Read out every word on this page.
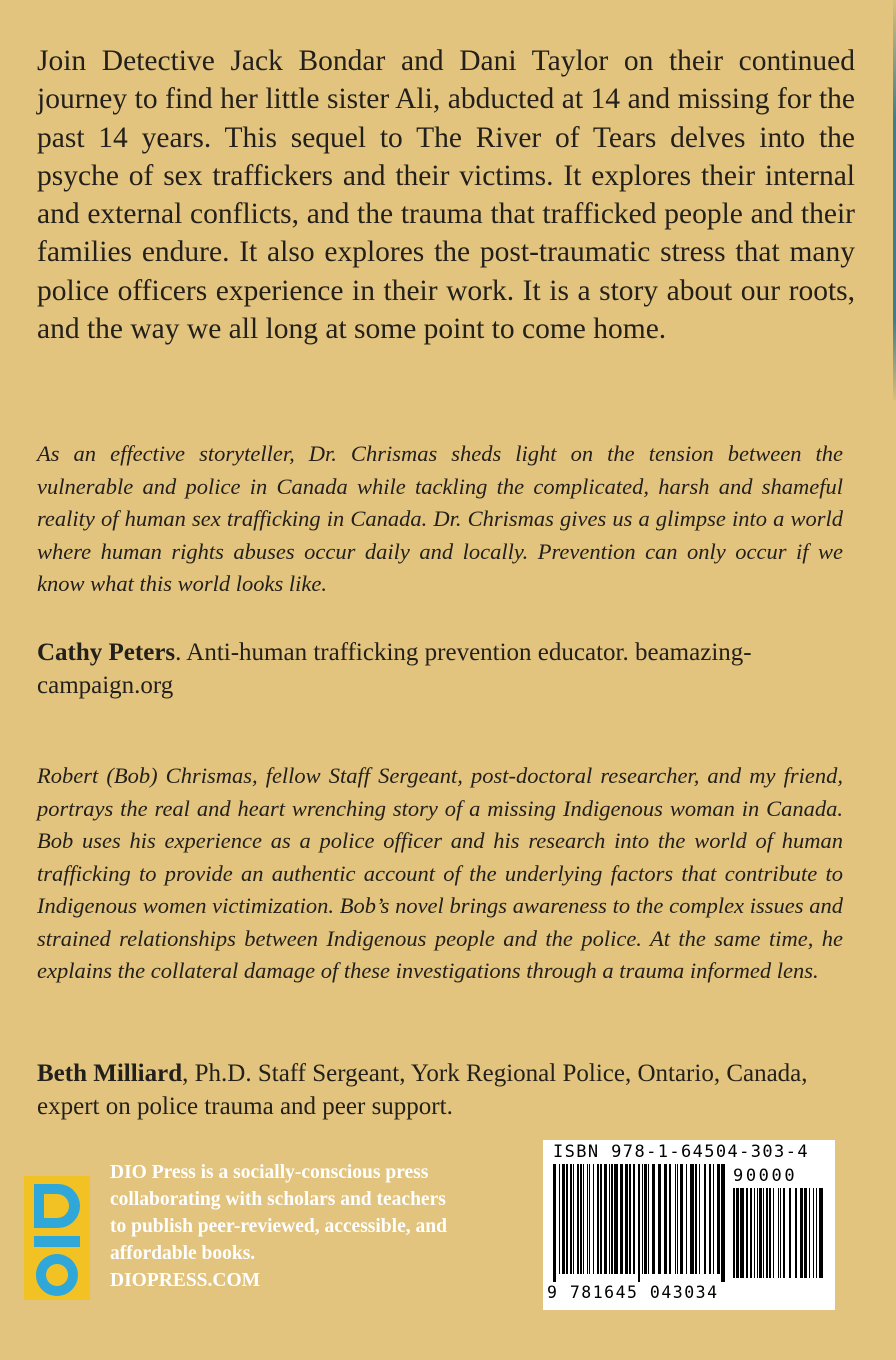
Join Detective Jack Bondar and Dani Taylor on their continued journey to find her little sister Ali, abducted at 14 and missing for the past 14 years. This sequel to The River of Tears delves into the psyche of sex traffickers and their victims. It explores their internal and external conflicts, and the trauma that trafficked people and their families endure. It also explores the post-traumatic stress that many police officers experience in their work. It is a story about our roots, and the way we all long at some point to come home.

As an effective storyteller, Dr. Chrismas sheds light on the tension between the vulnerable and police in Canada while tackling the complicated, harsh and shameful reality of human sex trafficking in Canada. Dr. Chrismas gives us a glimpse into a world where human rights abuses occur daily and locally. Prevention can only occur if we know what this world looks like.

Cathy Peters. Anti-human trafficking prevention educator. beamazing-campaign.org

Robert (Bob) Chrismas, fellow Staff Sergeant, post-doctoral researcher, and my friend, portrays the real and heart wrenching story of a missing Indigenous woman in Canada. Bob uses his experience as a police officer and his research into the world of human trafficking to provide an authentic account of the underlying factors that contribute to Indigenous women victimization. Bob’s novel brings awareness to the complex issues and strained relationships between Indigenous people and the police. At the same time, he explains the collateral damage of these investigations through a trauma informed lens.

Beth Milliard, Ph.D. Staff Sergeant, York Regional Police, Ontario, Canada, expert on police trauma and peer support.

DIO Press is a socially-conscious press
collaborating with scholars and teachers
to publish peer-reviewed, accessible, and
affordable books.
DIOPRESS.COM

ISBN 978-1-64504-303-4
90000
9 781645 043034
